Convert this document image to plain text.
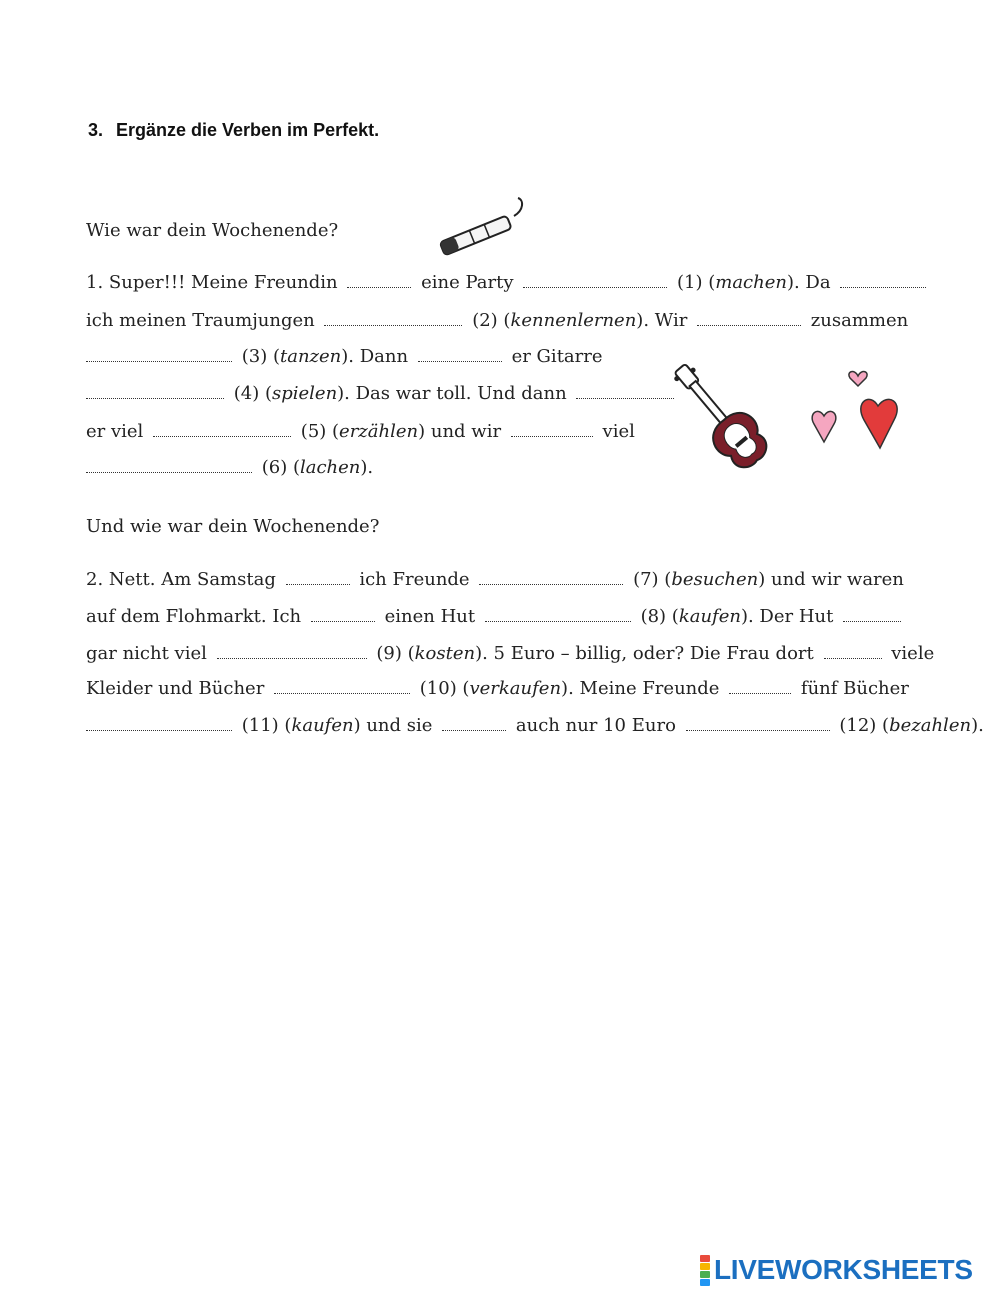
3. Ergänze die Verben im Perfekt.
Wie war dein Wochenende?
1. Super!!! Meine Freundin	eine Party	(1) (machen). Da
ich meinen Traumjungen	(2) (kennenlernen). Wir	zusammen
(3) (tanzen). Dann	er Gitarre
(4) (spielen). Das war toll. Und dann
er viel	(5) (erzählen) und wir	viel
(6) (lachen).
Und wie war dein Wochenende?
2. Nett. Am Samstag	ich Freunde	(7) (besuchen) und wir waren
auf dem Flohmarkt. Ich	einen Hut	(8) (kaufen). Der Hut
gar nicht viel	(9) (kosten). 5 Euro – billig, oder? Die Frau dort	viele
Kleider und Bücher	(10) (verkaufen). Meine Freunde	fünf Bücher
(11) (kaufen) und sie	auch nur 10 Euro	(12) (bezahlen).
LIVEWORKSHEETS
